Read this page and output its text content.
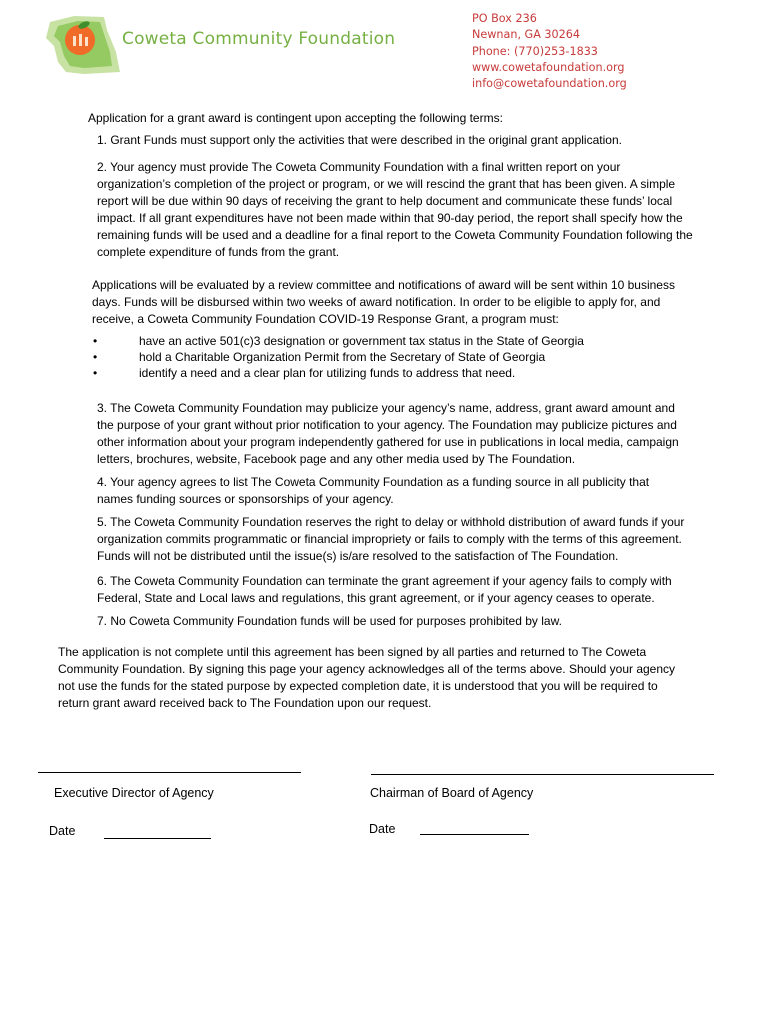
Coweta Community Foundation
PO Box 236
Newnan, GA 30264
Phone: (770)253-1833
www.cowetafoundation.org
info@cowetafoundation.org
Application for a grant award is contingent upon accepting the following terms:
1. Grant Funds must support only the activities that were described in the original grant application.
2. Your agency must provide The Coweta Community Foundation with a final written report on your
organization’s completion of the project or program, or we will rescind the grant that has been given. A simple
report will be due within 90 days of receiving the grant to help document and communicate these funds’ local
impact. If all grant expenditures have not been made within that 90-day period, the report shall specify how the
remaining funds will be used and a deadline for a final report to the Coweta Community Foundation following the
complete expenditure of funds from the grant.
Applications will be evaluated by a review committee and notifications of award will be sent within 10 business
days. Funds will be disbursed within two weeks of award notification. In order to be eligible to apply for, and
receive, a Coweta Community Foundation COVID-19 Response Grant, a program must:
•	have an active 501(c)3 designation or government tax status in the State of Georgia
•	hold a Charitable Organization Permit from the Secretary of State of Georgia
•	identify a need and a clear plan for utilizing funds to address that need.
3. The Coweta Community Foundation may publicize your agency’s name, address, grant award amount and
the purpose of your grant without prior notification to your agency. The Foundation may publicize pictures and
other information about your program independently gathered for use in publications in local media, campaign
letters, brochures, website, Facebook page and any other media used by The Foundation.
4. Your agency agrees to list The Coweta Community Foundation as a funding source in all publicity that
names funding sources or sponsorships of your agency.
5. The Coweta Community Foundation reserves the right to delay or withhold distribution of award funds if your
organization commits programmatic or financial impropriety or fails to comply with the terms of this agreement.
Funds will not be distributed until the issue(s) is/are resolved to the satisfaction of The Foundation.
6. The Coweta Community Foundation can terminate the grant agreement if your agency fails to comply with
Federal, State and Local laws and regulations, this grant agreement, or if your agency ceases to operate.
7. No Coweta Community Foundation funds will be used for purposes prohibited by law.
The application is not complete until this agreement has been signed by all parties and returned to The Coweta
Community Foundation. By signing this page your agency acknowledges all of the terms above. Should your agency
not use the funds for the stated purpose by expected completion date, it is understood that you will be required to
return grant award received back to The Foundation upon our request.
Executive Director of Agency	Chairman of Board of Agency
Date	Date
